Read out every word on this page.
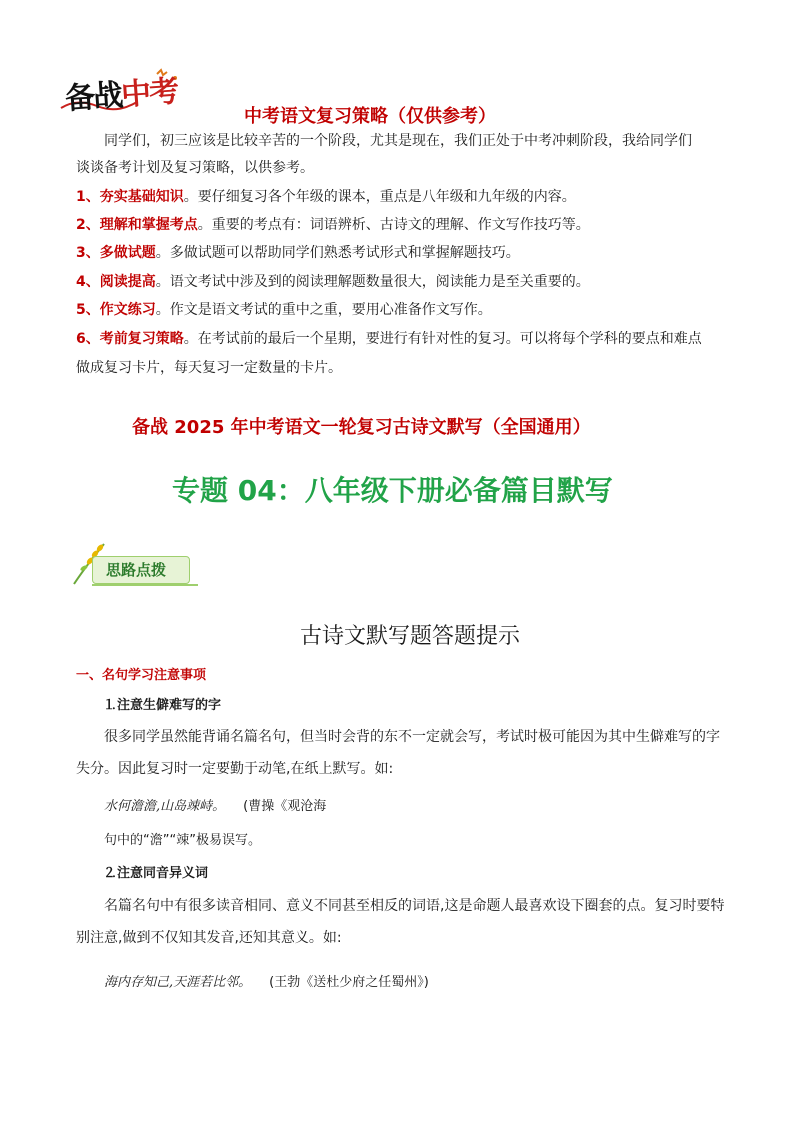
备战中考
中考语文复习策略（仅供参考）
同学们，初三应该是比较辛苦的一个阶段，尤其是现在，我们正处于中考冲刺阶段，我给同学们
谈谈备考计划及复习策略，以供参考。
1、夯实基础知识。要仔细复习各个年级的课本，重点是八年级和九年级的内容。
2、理解和掌握考点。重要的考点有：词语辨析、古诗文的理解、作文写作技巧等。
3、多做试题。多做试题可以帮助同学们熟悉考试形式和掌握解题技巧。
4、阅读提高。语文考试中涉及到的阅读理解题数量很大，阅读能力是至关重要的。
5、作文练习。作文是语文考试的重中之重，要用心准备作文写作。
6、考前复习策略。在考试前的最后一个星期，要进行有针对性的复习。可以将每个学科的要点和难点
做成复习卡片，每天复习一定数量的卡片。
备战 2025 年中考语文一轮复习古诗文默写（全国通用）
专题 04：八年级下册必备篇目默写
思路点拨
古诗文默写题答题提示
一、名句学习注意事项
⒈注意生僻难写的字
很多同学虽然能背诵名篇名句，但当时会背的东不一定就会写，考试时极可能因为其中生僻难写的字
失分。因此复习时一定要勤于动笔,在纸上默写。如:
水何澹澹,山岛竦峙。 (曹操《观沧海
句中的“澹”“竦”极易误写。
⒉注意同音异义词
名篇名句中有很多读音相同、意义不同甚至相反的词语,这是命题人最喜欢设下圈套的点。复习时要特
别注意,做到不仅知其发音,还知其意义。如:
海内存知己,天涯若比邻。 (王勃《送杜少府之任蜀州》)
